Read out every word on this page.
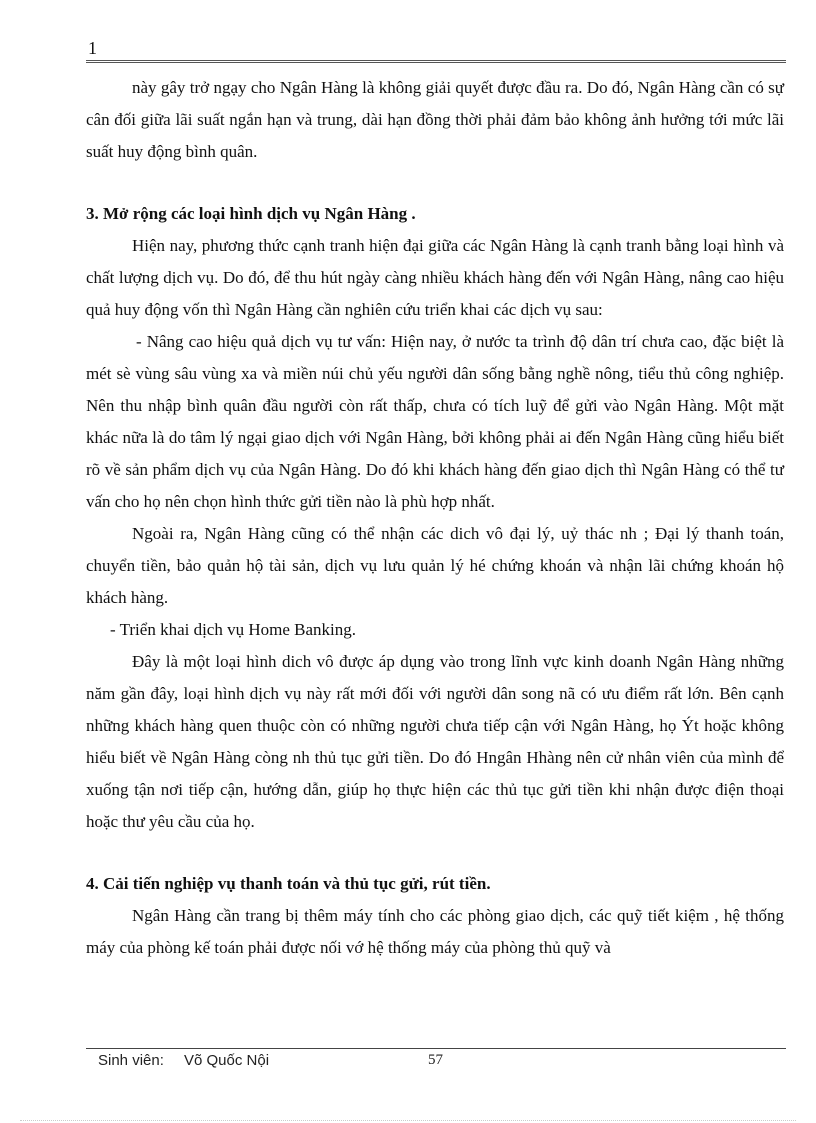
1

này gây trở ngạy cho Ngân Hàng là không giải quyết được đầu ra. Do đó, Ngân Hàng cần có sự cân đối giữa lãi suất ngắn hạn và trung, dài hạn đồng thời phải đảm bảo không ảnh hưởng tới mức lãi suất huy động bình quân.

3. Mở rộng các loại hình dịch vụ Ngân Hàng .

Hiện nay, phương thức cạnh tranh hiện đại giữa các Ngân Hàng là cạnh tranh bằng loại hình và chất lượng dịch vụ. Do đó, để thu hút ngày càng nhiều khách hàng đến với Ngân Hàng, nâng cao hiệu quả huy động vốn thì Ngân Hàng cần nghiên cứu triển khai các dịch vụ sau:

- Nâng cao hiệu quả dịch vụ tư vấn: Hiện nay, ở nước ta trình độ dân trí chưa cao, đặc biệt là mét sè vùng sâu vùng xa và miền núi chủ yếu người dân sống bằng nghề nông, tiểu thủ công nghiệp. Nên thu nhập bình quân đầu người còn rất thấp, chưa có tích luỹ để gửi vào Ngân Hàng. Một mặt khác nữa là do tâm lý ngại giao dịch với Ngân Hàng, bởi không phải ai đến Ngân Hàng cũng hiểu biết rõ về sản phẩm dịch vụ của Ngân Hàng. Do đó khi khách hàng đến giao dịch thì Ngân Hàng có thể tư vấn cho họ nên chọn hình thức gửi tiền nào là phù hợp nhất.

Ngoài ra, Ngân Hàng cũng có thể nhận các dich vô đại lý, uỷ thác nh ; Đại lý thanh toán, chuyển tiền, bảo quản hộ tài sản, dịch vụ lưu quản lý hé chứng khoán và nhận lãi chứng khoán hộ khách hàng.

- Triển khai dịch vụ Home Banking.

Đây là một loại hình dich vô được áp dụng vào trong lĩnh vực kinh doanh Ngân Hàng những năm gần đây, loại hình dịch vụ này rất mới đối với người dân song nã có ưu điểm rất lớn. Bên cạnh những khách hàng quen thuộc còn có những người chưa tiếp cận với Ngân Hàng, họ Ýt hoặc không hiểu biết về Ngân Hàng còng nh thủ tục gửi tiền. Do đó Hngân Hhàng nên cử nhân viên của mình để xuống tận nơi tiếp cận, hướng dẫn, giúp họ thực hiện các thủ tục gửi tiền khi nhận được điện thoại hoặc thư yêu cầu của họ.

4. Cải tiến nghiệp vụ thanh toán và thủ tục gửi, rút tiền.

Ngân Hàng cần trang bị thêm máy tính cho các phòng giao dịch, các quỹ tiết kiệm , hệ thống máy của phòng kế toán phải được nối vớ hệ thống máy của phòng thủ quỹ và

Sinh viên: Võ Quốc Nội	57
